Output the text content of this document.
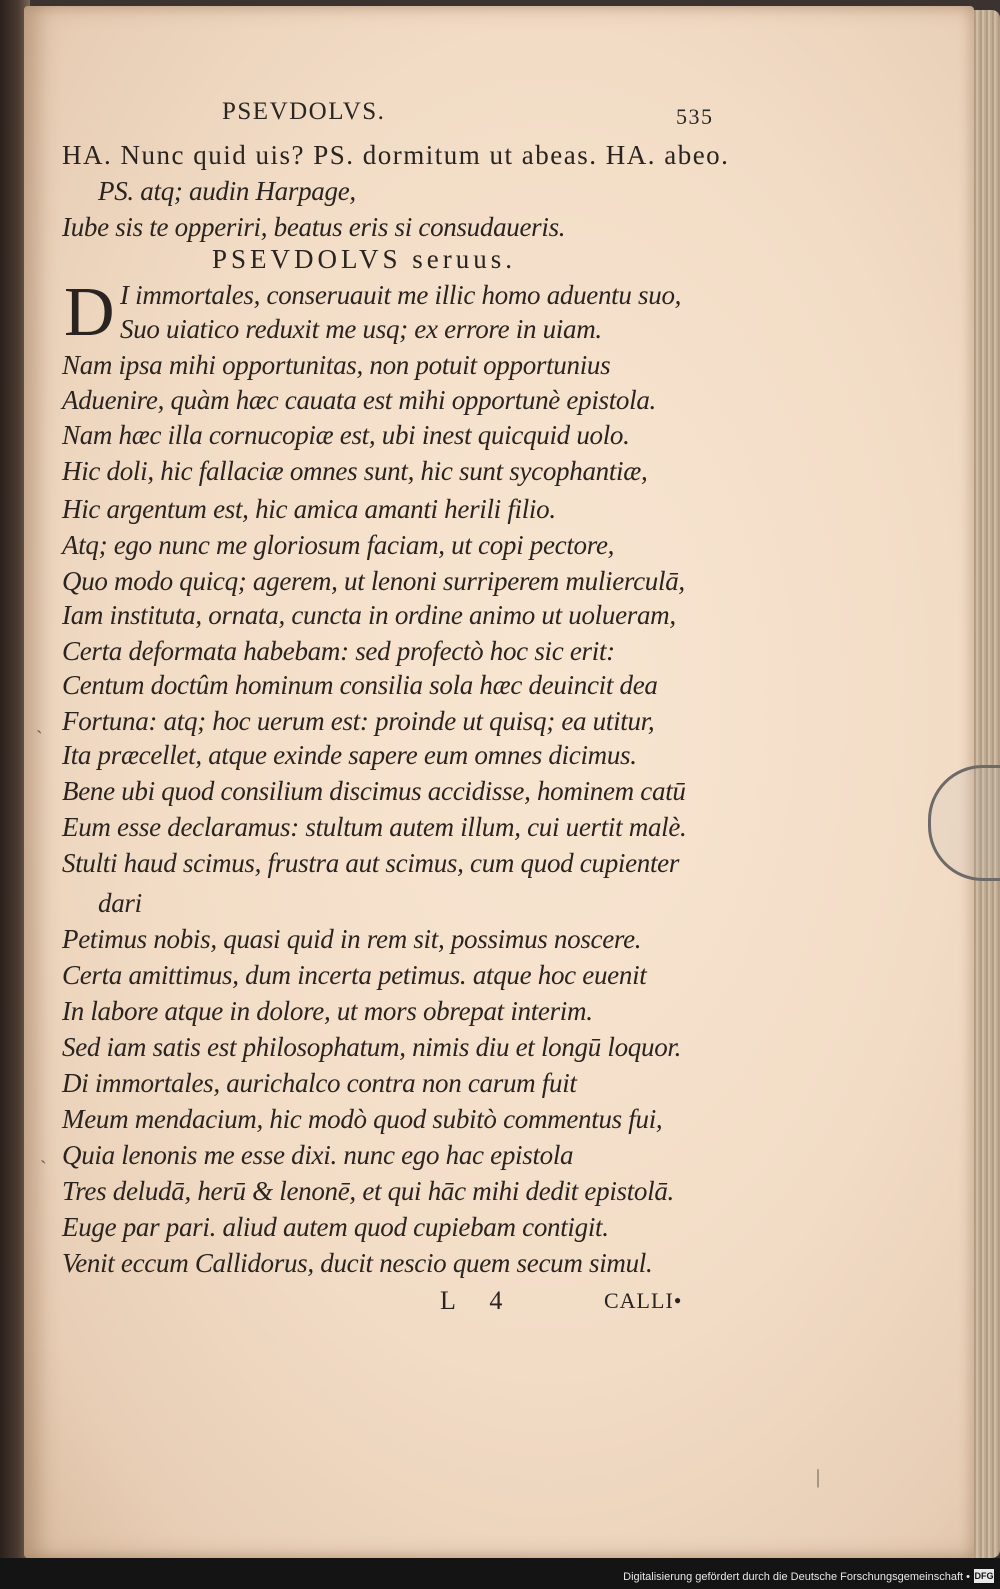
PSEVDOLVS.	535
HA. Nunc quid uis? PS. dormitum ut abeas. HA. abeo.
PS. atq; audin Harpage,
Iube sis te opperiri, beatus eris si consudaueris.
PSEVDOLVS seruus.
D I immortales, conseruauit me illic homo aduentu suo,
Suo uiatico reduxit me usq; ex errore in uiam.
Nam ipsa mihi opportunitas, non potuit opportunius
Aduenire, quàm hæc cauata est mihi opportunè epistola.
Nam hæc illa cornucopiæ est, ubi inest quicquid uolo.
Hic doli, hic fallaciæ omnes sunt, hic sunt sycophantiæ,
Hic argentum est, hic amica amanti herili filio.
Atq; ego nunc me gloriosum faciam, ut copi pectore,
Quo modo quicq; agerem, ut lenoni surriperem mulierculā,
Iam instituta, ornata, cuncta in ordine animo ut uolueram,
Certa deformata habebam: sed profectò hoc sic erit:
Centum doctûm hominum consilia sola hæc deuincit dea
Fortuna: atq; hoc uerum est: proinde ut quisq; ea utitur,
Ita præcellet, atque exinde sapere eum omnes dicimus.
Bene ubi quod consilium discimus accidisse, hominem catū
Eum esse declaramus: stultum autem illum, cui uertit malè.
Stulti haud scimus, frustra aut scimus, cum quod cupienter
dari
Petimus nobis, quasi quid in rem sit, possimus noscere.
Certa amittimus, dum incerta petimus. atque hoc euenit
In labore atque in dolore, ut mors obrepat interim.
Sed iam satis est philosophatum, nimis diu et longū loquor.
Di immortales, aurichalco contra non carum fuit
Meum mendacium, hic modò quod subitò commentus fui,
Quia lenonis me esse dixi. nunc ego hac epistola
Tres deludā, herū & lenonē, et qui hāc mihi dedit epistolā.
Euge par pari. aliud autem quod cupiebam contigit.
Venit eccum Callidorus, ducit nescio quem secum simul.
L 4	CALLI•
ˎ
ˏ
|
Digitalisierung gefördert durch die Deutsche Forschungsgemeinschaft • DFG
